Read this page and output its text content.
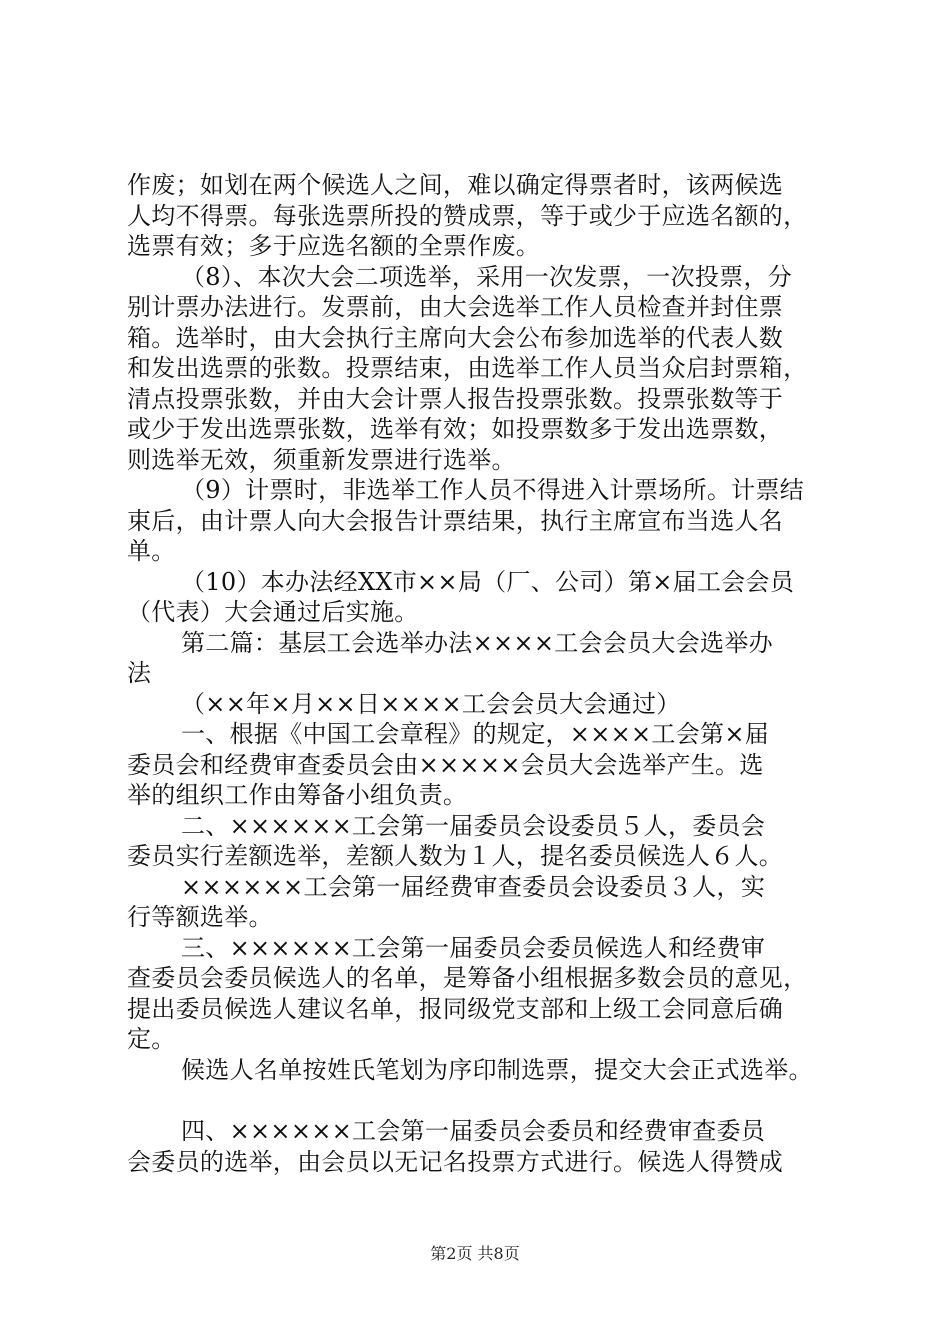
作废；如划在两个候选人之间，难以确定得票者时，该两候选
人均不得票。每张选票所投的赞成票，等于或少于应选名额的，
选票有效；多于应选名额的全票作废。
（8）、本次大会二项选举，采用一次发票，一次投票，分
别计票办法进行。发票前，由大会选举工作人员检查并封住票
箱。选举时，由大会执行主席向大会公布参加选举的代表人数
和发出选票的张数。投票结束，由选举工作人员当众启封票箱，
清点投票张数，并由大会计票人报告投票张数。投票张数等于
或少于发出选票张数，选举有效；如投票数多于发出选票数，
则选举无效，须重新发票进行选举。
（9）计票时，非选举工作人员不得进入计票场所。计票结
束后，由计票人向大会报告计票结果，执行主席宣布当选人名
单。
（10）本办法经XX市××局（厂、公司）第×届工会会员
（代表）大会通过后实施。
第二篇：基层工会选举办法××××工会会员大会选举办
法
（××年×月××日××××工会会员大会通过）
一、根据《中国工会章程》的规定，××××工会第×届
委员会和经费审查委员会由×××××会员大会选举产生。选
举的组织工作由筹备小组负责。
二、××××××工会第一届委员会设委员５人，委员会
委员实行差额选举，差额人数为１人，提名委员候选人６人。
××××××工会第一届经费审查委员会设委员３人，实
行等额选举。
三、××××××工会第一届委员会委员候选人和经费审
查委员会委员候选人的名单，是筹备小组根据多数会员的意见，
提出委员候选人建议名单，报同级党支部和上级工会同意后确
定。
候选人名单按姓氏笔划为序印制选票，提交大会正式选举。
四、××××××工会第一届委员会委员和经费审查委员
会委员的选举，由会员以无记名投票方式进行。候选人得赞成
第2页 共8页
